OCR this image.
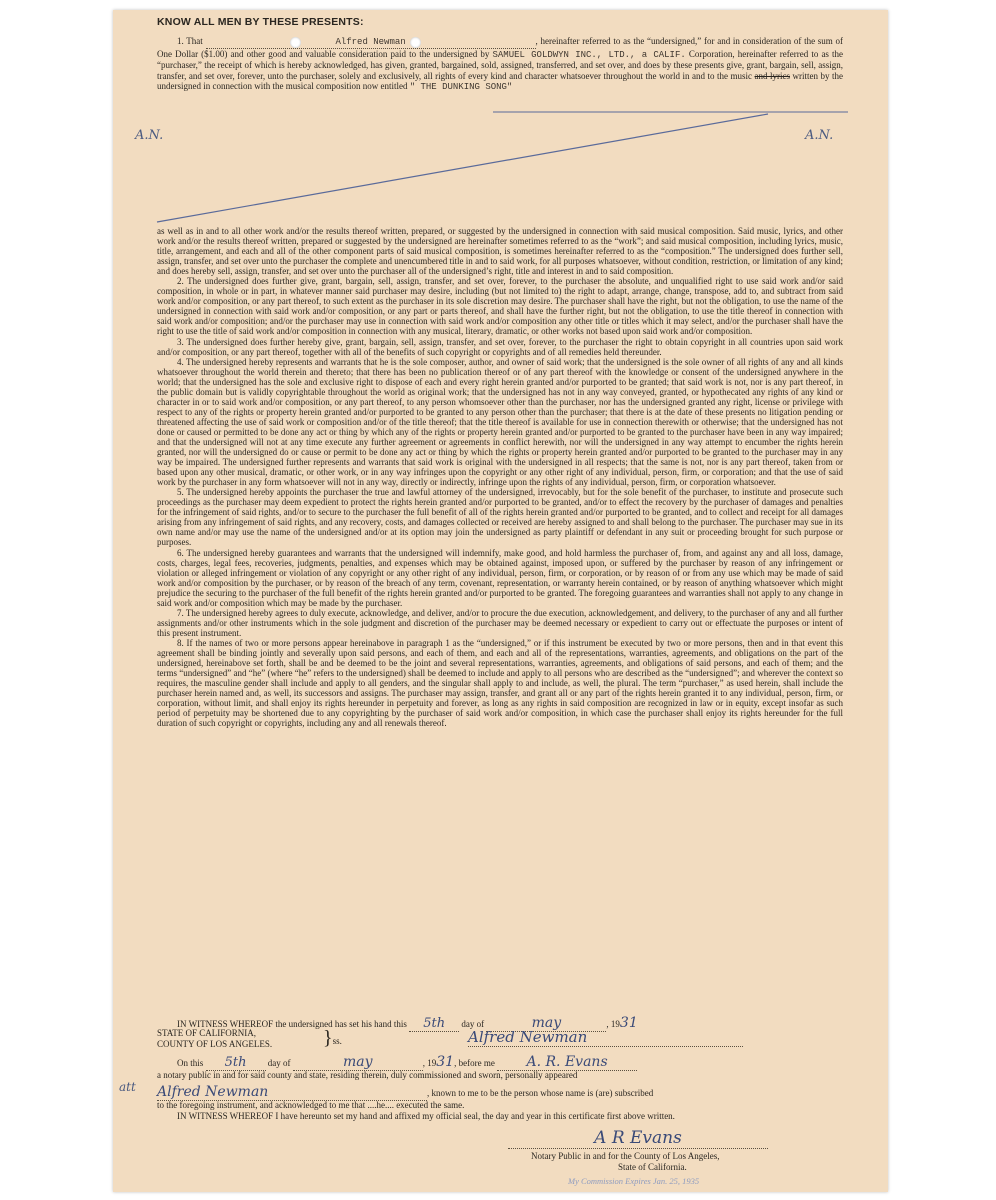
KNOW ALL MEN BY THESE PRESENTS:
1. That	Alfred Newman	, hereinafter referred to as the “undersigned,” for and in consideration of the sum of One Dollar ($1.00) and other good and valuable consideration paid to the undersigned by SAMUEL GOLDWYN INC., LTD., a CALIF. Corporation, hereinafter referred to as the “purchaser,” the receipt of which is hereby acknowledged, has given, granted, bargained, sold, assigned, transferred, and set over, and does by these presents give, grant, bargain, sell, assign, transfer, and set over, forever, unto the purchaser, solely and exclusively, all rights of every kind and character whatsoever throughout the world in and to the music and lyrics written by the undersigned in connection with the musical composition now entitled " THE DUNKING SONG"
A.N.	A.N.

as well as in and to all other work and/or the results thereof written, prepared, or suggested by the undersigned in connection with said musical composition. Said music, lyrics, and other work and/or the results thereof written, prepared or suggested by the undersigned are hereinafter sometimes referred to as the “work”; and said musical composition, including lyrics, music, title, arrangement, and each and all of the other component parts of said musical composition, is sometimes hereinafter referred to as the “composition.” The undersigned does further sell, assign, transfer, and set over unto the purchaser the complete and unencumbered title in and to said work, for all purposes whatsoever, without condition, restriction, or limitation of any kind; and does hereby sell, assign, transfer, and set over unto the purchaser all of the undersigned’s right, title and interest in and to said composition.

2. The undersigned does further give, grant, bargain, sell, assign, transfer, and set over, forever, to the purchaser the absolute, and unqualified right to use said work and/or said composition, in whole or in part, in whatever manner said purchaser may desire, including (but not limited to) the right to adapt, arrange, change, transpose, add to, and subtract from said work and/or composition, or any part thereof, to such extent as the purchaser in its sole discretion may desire. The purchaser shall have the right, but not the obligation, to use the name of the undersigned in connection with said work and/or composition, or any part or parts thereof, and shall have the further right, but not the obligation, to use the title thereof in connection with said work and/or composition; and/or the purchaser may use in connection with said work and/or composition any other title or titles which it may select, and/or the purchaser shall have the right to use the title of said work and/or composition in connection with any musical, literary, dramatic, or other works not based upon said work and/or composition.

3. The undersigned does further hereby give, grant, bargain, sell, assign, transfer, and set over, forever, to the purchaser the right to obtain copyright in all countries upon said work and/or composition, or any part thereof, together with all of the benefits of such copyright or copyrights and of all remedies held thereunder.

4. The undersigned hereby represents and warrants that he is the sole composer, author, and owner of said work; that the undersigned is the sole owner of all rights of any and all kinds whatsoever throughout the world therein and thereto; that there has been no publication thereof or of any part thereof with the knowledge or consent of the undersigned anywhere in the world; that the undersigned has the sole and exclusive right to dispose of each and every right herein granted and/or purported to be granted; that said work is not, nor is any part thereof, in the public domain but is validly copyrightable throughout the world as original work; that the undersigned has not in any way conveyed, granted, or hypothecated any rights of any kind or character in or to said work and/or composition, or any part thereof, to any person whomsoever other than the purchaser, nor has the undersigned granted any right, license or privilege with respect to any of the rights or property herein granted and/or purported to be granted to any person other than the purchaser; that there is at the date of these presents no litigation pending or threatened affecting the use of said work or composition and/or of the title thereof; that the title thereof is available for use in connection therewith or otherwise; that the undersigned has not done or caused or permitted to be done any act or thing by which any of the rights or property herein granted and/or purported to be granted to the purchaser have been in any way impaired; and that the undersigned will not at any time execute any further agreement or agreements in conflict herewith, nor will the undersigned in any way attempt to encumber the rights herein granted, nor will the undersigned do or cause or permit to be done any act or thing by which the rights or property herein granted and/or purported to be granted to the purchaser may in any way be impaired. The undersigned further represents and warrants that said work is original with the undersigned in all respects; that the same is not, nor is any part thereof, taken from or based upon any other musical, dramatic, or other work, or in any way infringes upon the copyright or any other right of any individual, person, firm, or corporation; and that the use of said work by the purchaser in any form whatsoever will not in any way, directly or indirectly, infringe upon the rights of any individual, person, firm, or corporation whatsoever.

5. The undersigned hereby appoints the purchaser the true and lawful attorney of the undersigned, irrevocably, but for the sole benefit of the purchaser, to institute and prosecute such proceedings as the purchaser may deem expedient to protect the rights herein granted and/or purported to be granted, and/or to effect the recovery by the purchaser of damages and penalties for the infringement of said rights, and/or to secure to the purchaser the full benefit of all of the rights herein granted and/or purported to be granted, and to collect and receipt for all damages arising from any infringement of said rights, and any recovery, costs, and damages collected or received are hereby assigned to and shall belong to the purchaser. The purchaser may sue in its own name and/or may use the name of the undersigned and/or at its option may join the undersigned as party plaintiff or defendant in any suit or proceeding brought for such purpose or purposes.

6. The undersigned hereby guarantees and warrants that the undersigned will indemnify, make good, and hold harmless the purchaser of, from, and against any and all loss, damage, costs, charges, legal fees, recoveries, judgments, penalties, and expenses which may be obtained against, imposed upon, or suffered by the purchaser by reason of any infringement or violation or alleged infringement or violation of any copyright or any other right of any individual, person, firm, or corporation, or by reason of or from any use which may be made of said work and/or composition by the purchaser, or by reason of the breach of any term, covenant, representation, or warranty herein contained, or by reason of anything whatsoever which might prejudice the securing to the purchaser of the full benefit of the rights herein granted and/or purported to be granted. The foregoing guarantees and warranties shall not apply to any change in said work and/or composition which may be made by the purchaser.

7. The undersigned hereby agrees to duly execute, acknowledge, and deliver, and/or to procure the due execution, acknowledgement, and delivery, to the purchaser of any and all further assignments and/or other instruments which in the sole judgment and discretion of the purchaser may be deemed necessary or expedient to carry out or effectuate the purposes or intent of this present instrument.

8. If the names of two or more persons appear hereinabove in paragraph 1 as the “undersigned,” or if this instrument be executed by two or more persons, then and in that event this agreement shall be binding jointly and severally upon said persons, and each of them, and each and all of the representations, warranties, agreements, and obligations on the part of the undersigned, hereinabove set forth, shall be and be deemed to be the joint and several representations, warranties, agreements, and obligations of said persons, and each of them; and the terms “undersigned” and “he” (where “he” refers to the undersigned) shall be deemed to include and apply to all persons who are described as the “undersigned”; and wherever the context so requires, the masculine gender shall include and apply to all genders, and the singular shall apply to and include, as well, the plural. The term “purchaser,” as used herein, shall include the purchaser herein named and, as well, its successors and assigns. The purchaser may assign, transfer, and grant all or any part of the rights herein granted it to any individual, person, firm, or corporation, without limit, and shall enjoy its rights hereunder in perpetuity and forever, as long as any rights in said composition are recognized in law or in equity, except insofar as such period of perpetuity may be shortened due to any copyrighting by the purchaser of said work and/or composition, in which case the purchaser shall enjoy its rights hereunder for the full duration of such copyright or copyrights, including any and all renewals thereof.

IN WITNESS WHEREOF the undersigned has set his hand this 5th day of	may	, 1931
STATE OF CALIFORNIA,
COUNTY OF LOS ANGELES.	}ss.	Alfred Newman
On this 5th day of	may	, 1931, before me A. R. Evans
a notary public in and for said county and state, residing therein, duly commissioned and sworn, personally appeared
att Alfred Newman	, known to me to be the person whose name is (are) subscribed
to the foregoing instrument, and acknowledged to me that ....he.... executed the same.
IN WITNESS WHEREOF I have hereunto set my hand and affixed my official seal, the day and year in this certificate first above written.
A R Evans
Notary Public in and for the County of Los Angeles,
State of California.
My Commission Expires Jan. 25, 1935
